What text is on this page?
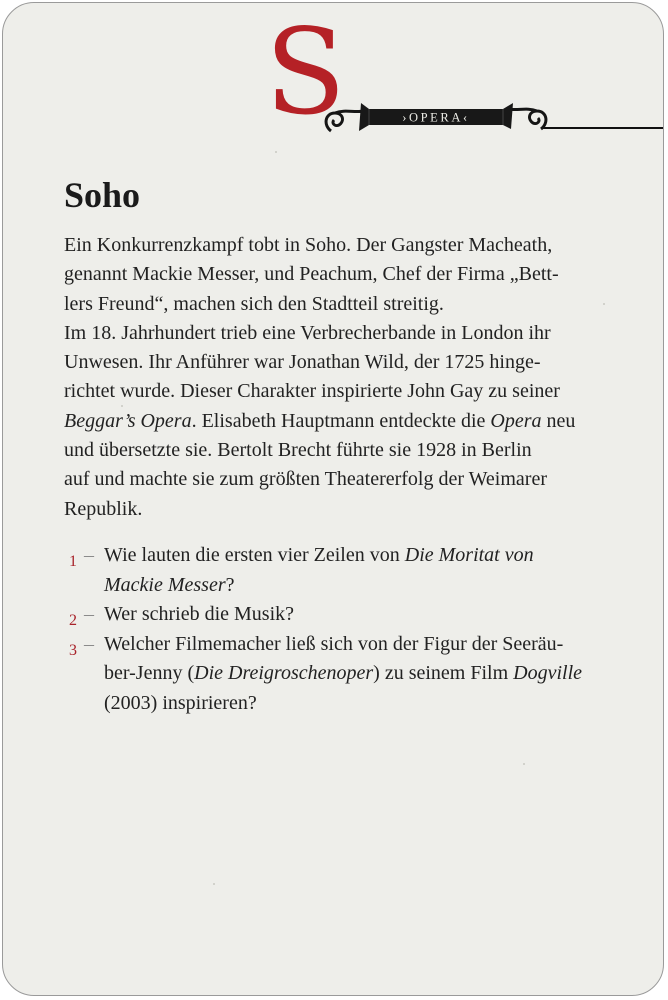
S	›OPERA‹
Soho
Ein Konkurrenzkampf tobt in Soho. Der Gangster Macheath,
genannt Mackie Messer, und Peachum, Chef der Firma „Bett-
lers Freund“, machen sich den Stadtteil streitig.
Im 18. Jahrhundert trieb eine Verbrecherbande in London ihr
Unwesen. Ihr Anführer war Jonathan Wild, der 1725 hinge-
richtet wurde. Dieser Charakter inspirierte John Gay zu seiner
Beggar’s Opera. Elisabeth Hauptmann entdeckte die Opera neu
und übersetzte sie. Bertolt Brecht führte sie 1928 in Berlin
auf und machte sie zum größten Theatererfolg der Weimarer
Republik.
1 – Wie lauten die ersten vier Zeilen von Die Moritat von
Mackie Messer?
2 – Wer schrieb die Musik?
3 – Welcher Filmemacher ließ sich von der Figur der Seeräu-
ber-Jenny (Die Dreigroschenoper) zu seinem Film Dogville
(2003) inspirieren?
